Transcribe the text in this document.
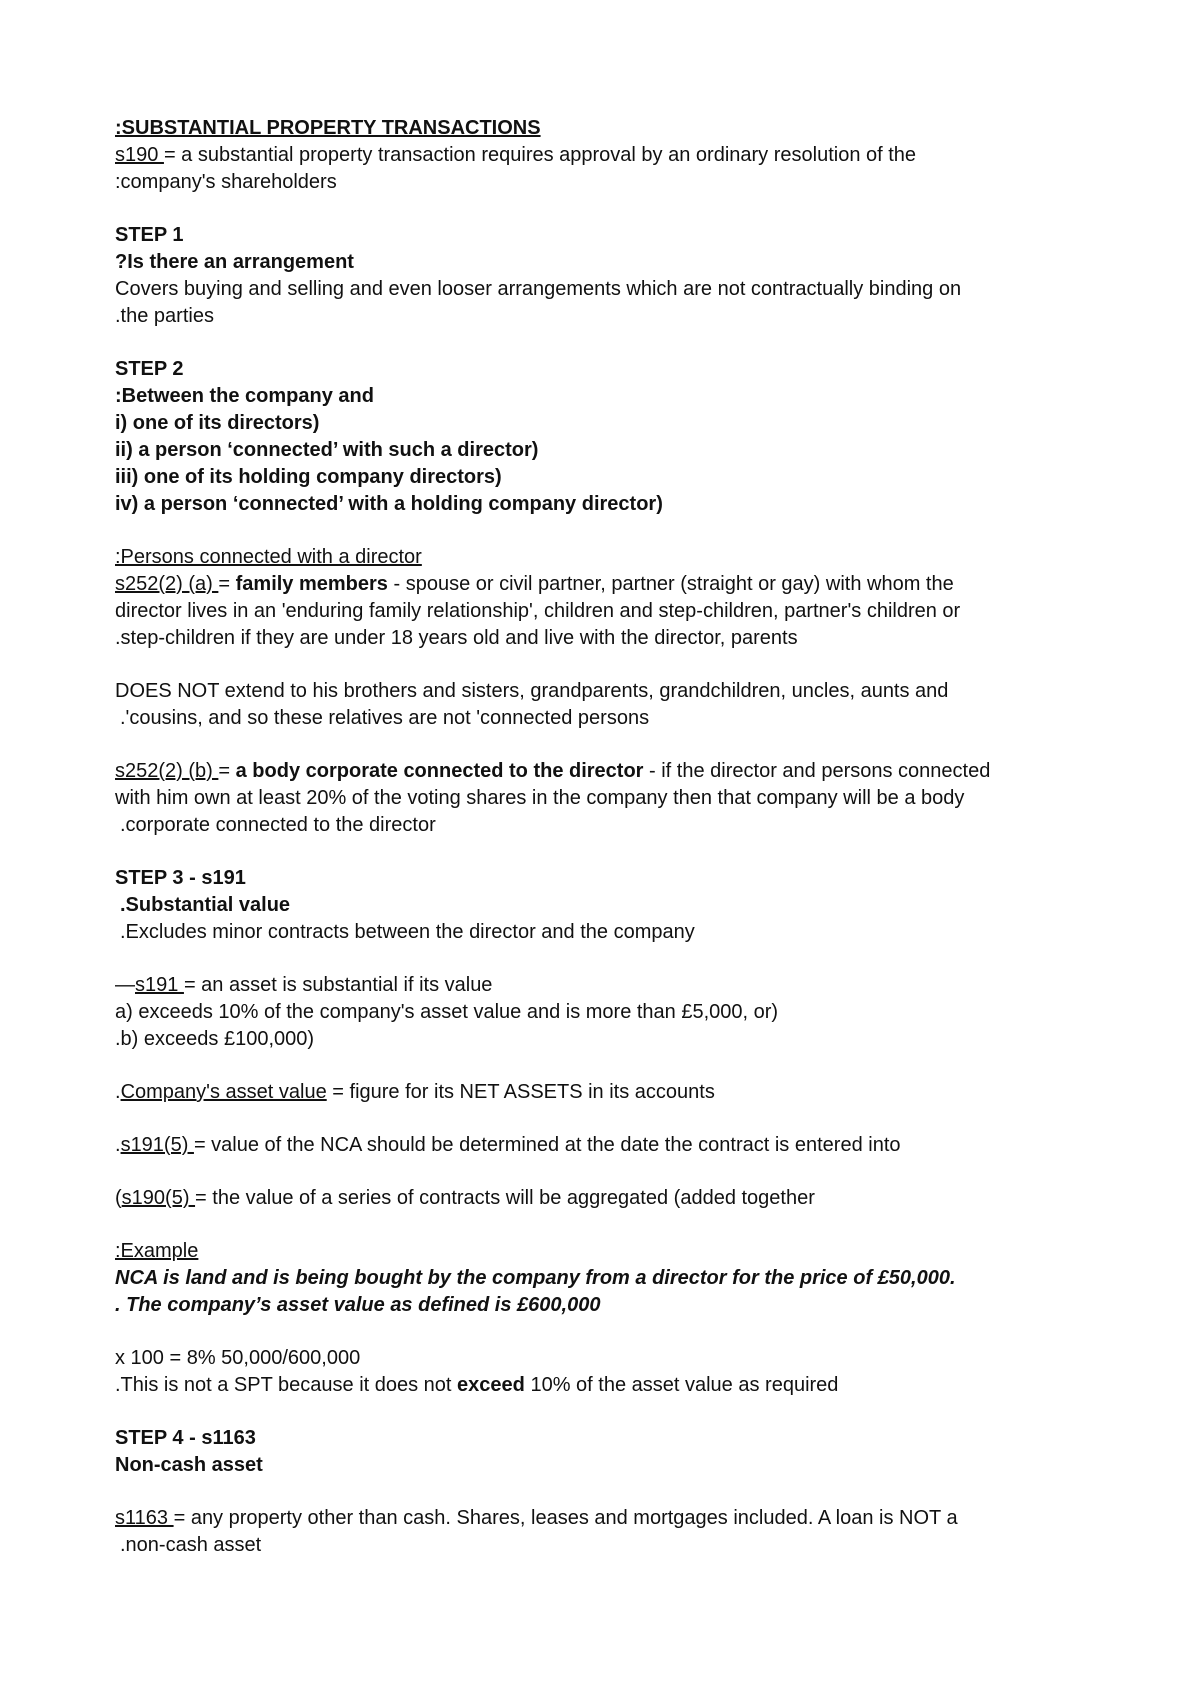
:SUBSTANTIAL PROPERTY TRANSACTIONS
s190 = a substantial property transaction requires approval by an ordinary resolution of the
:company's shareholders
STEP 1
?Is there an arrangement
Covers buying and selling and even looser arrangements which are not contractually binding on
.the parties
STEP 2
:Between the company and
i) one of its directors)
ii) a person ‘connected’ with such a director)
iii) one of its holding company directors)
iv) a person ‘connected’ with a holding company director)
:Persons connected with a director
s252(2) (a) = family members - spouse or civil partner, partner (straight or gay) with whom the
director lives in an 'enduring family relationship', children and step-children, partner's children or
.step-children if they are under 18 years old and live with the director, parents
DOES NOT extend to his brothers and sisters, grandparents, grandchildren, uncles, aunts and
.'cousins, and so these relatives are not 'connected persons
s252(2) (b) = a body corporate connected to the director - if the director and persons connected
with him own at least 20% of the voting shares in the company then that company will be a body
.corporate connected to the director
STEP 3 - s191
.Substantial value
.Excludes minor contracts between the director and the company
—s191 = an asset is substantial if its value
a) exceeds 10% of the company's asset value and is more than £5,000, or)
.b) exceeds £100,000)
.Company's asset value = figure for its NET ASSETS in its accounts
.s191(5) = value of the NCA should be determined at the date the contract is entered into
(s190(5) = the value of a series of contracts will be aggregated (added together
:Example
NCA is land and is being bought by the company from a director for the price of £50,000.
. The company’s asset value as defined is £600,000
x 100 = 8% 50,000/600,000
.This is not a SPT because it does not exceed 10% of the asset value as required
STEP 4 - s1163
Non-cash asset
s1163 = any property other than cash. Shares, leases and mortgages included. A loan is NOT a
.non-cash asset
